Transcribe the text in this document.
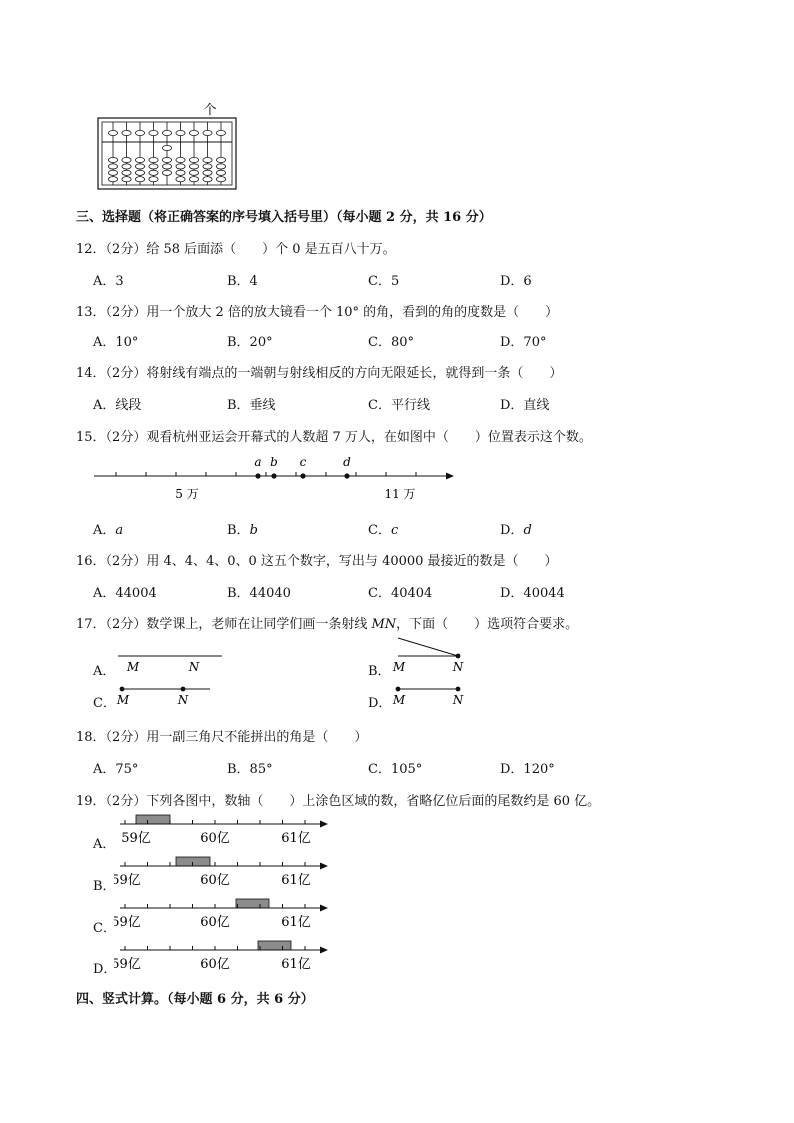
个
三、选择题（将正确答案的序号填入括号里）（每小题 2 分，共 16 分）
12．（2分）给 58 后面添（　　）个 0 是五百八十万。
A．3	B．4	C．5	D．6
13．（2分）用一个放大 2 倍的放大镜看一个 10° 的角，看到的角的度数是（　　）
A．10°	B．20°	C．80°	D．70°
14．（2分）将射线有端点的一端朝与射线相反的方向无限延长，就得到一条（　　）
A．线段	B．垂线	C．平行线	D．直线
15．（2分）观看杭州亚运会开幕式的人数超 7 万人，在如图中（　　）位置表示这个数。
a b c	d
5 万	11 万
A．a	B．b	C．c	D．d
16．（2分）用 4、4、4、0、0 这五个数字，写出与 40000 最接近的数是（　　）
A．44004	B．44040	C．40404	D．40044
17．（2分）数学课上，老师在让同学们画一条射线 MN，下面（　　）选项符合要求。
A． M	N	B． M	N
C． M	N	D． M	N
18．（2分）用一副三角尺不能拼出的角是（　　）
A．75°	B．85°	C．105°	D．120°
19．（2分）下列各图中，数轴（　　）上涂色区域的数，省略亿位后面的尾数约是 60 亿。
A． 59亿	60亿	61亿
B．
59亿	60亿	61亿
C．
59亿	60亿	61亿
D．
59亿	60亿	61亿
四、竖式计算。（每小题 6 分，共 6 分）
